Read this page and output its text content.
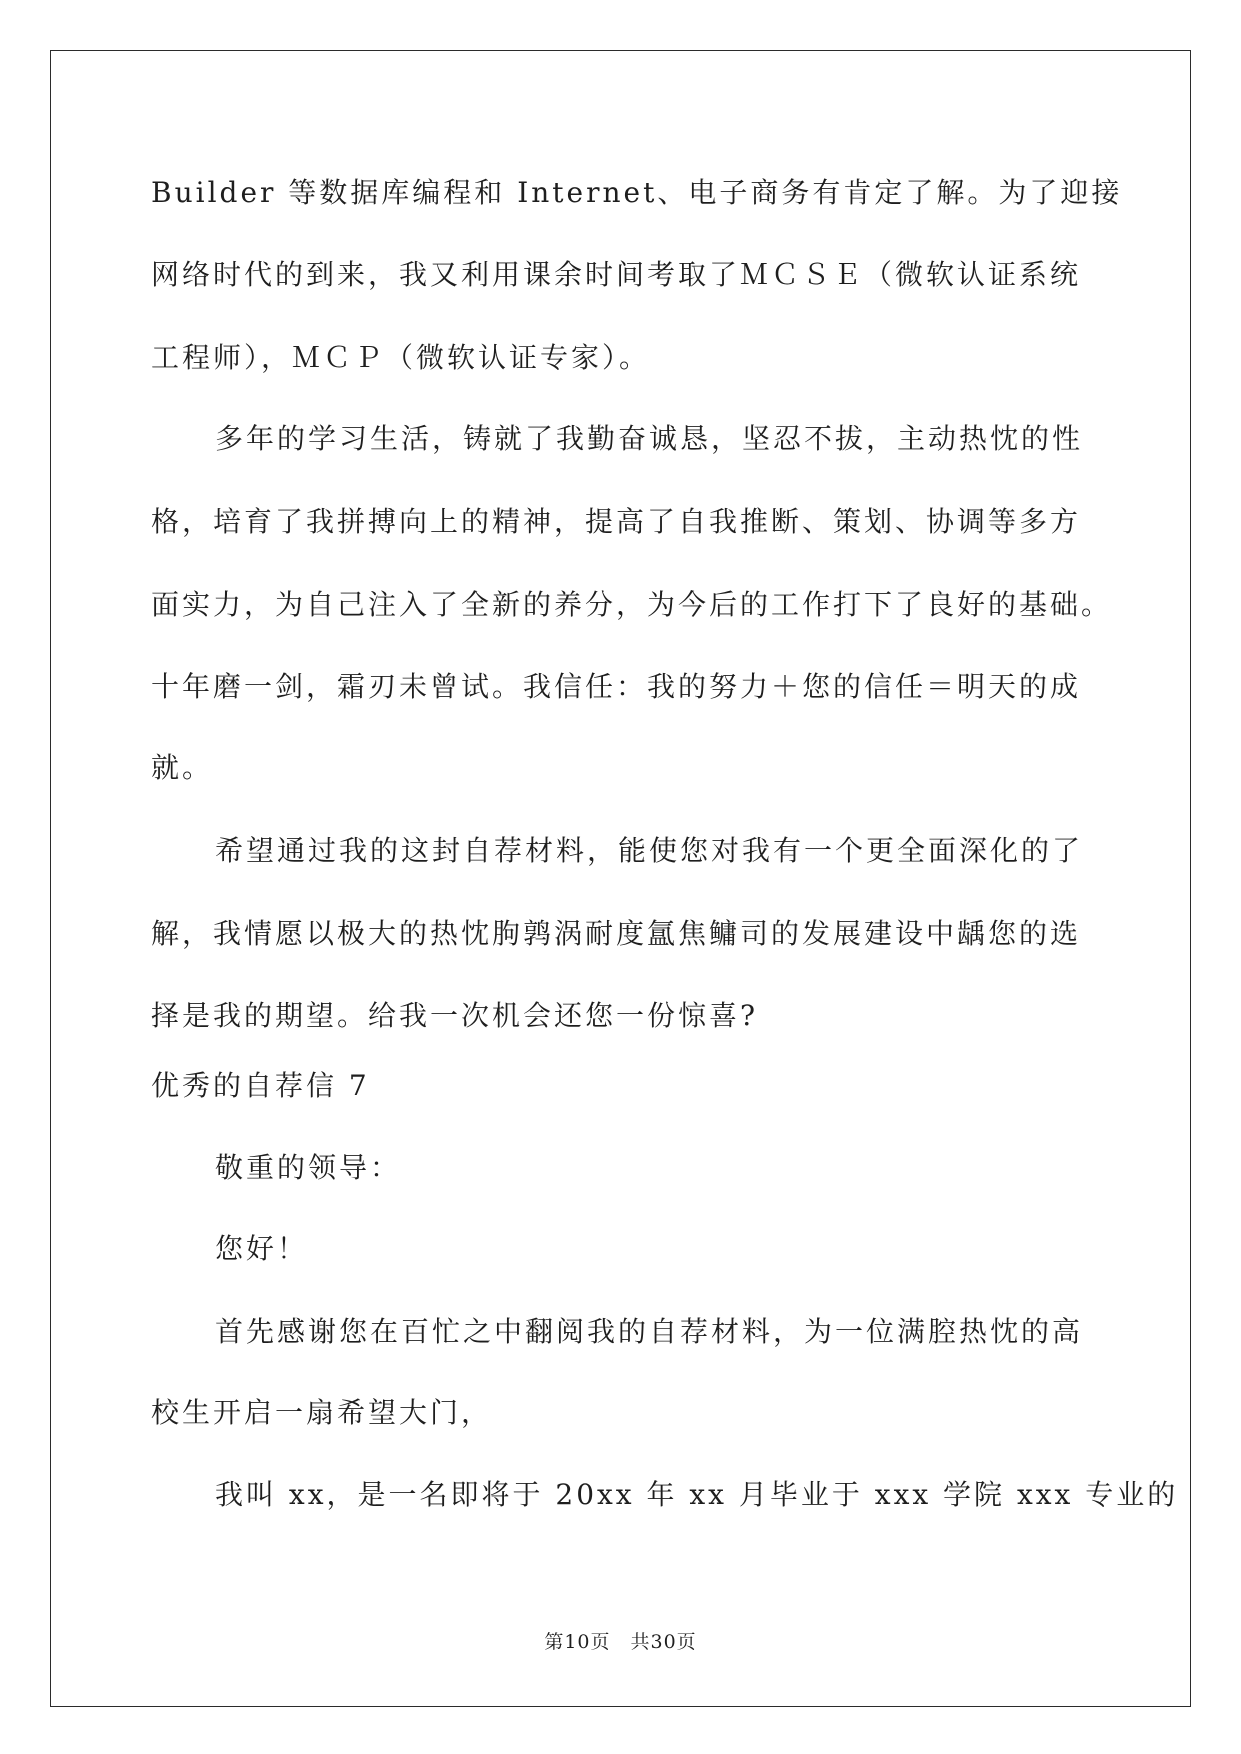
Builder 等数据库编程和 Internet、电子商务有肯定了解。为了迎接
网络时代的到来，我又利用课余时间考取了ＭＣＳＥ（微软认证系统
工程师），ＭＣＰ（微软认证专家）。
多年的学习生活，铸就了我勤奋诚恳，坚忍不拔，主动热忱的性
格，培育了我拼搏向上的精神，提高了自我推断、策划、协调等多方
面实力，为自己注入了全新的养分，为今后的工作打下了良好的基础。
十年磨一剑，霜刃未曾试。我信任：我的努力＋您的信任＝明天的成
就。
希望通过我的这封自荐材料，能使您对我有一个更全面深化的了
解，我情愿以极大的热忱朐鹑涡耐度氲焦鳙司的发展建设中龋您的选
择是我的期望。给我一次机会还您一份惊喜?
优秀的自荐信 7
敬重的领导：
您好！
首先感谢您在百忙之中翻阅我的自荐材料，为一位满腔热忱的高
校生开启一扇希望大门，
我叫 xx，是一名即将于 20xx 年 xx 月毕业于 xxx 学院 xxx 专业的
第10页　共30页
